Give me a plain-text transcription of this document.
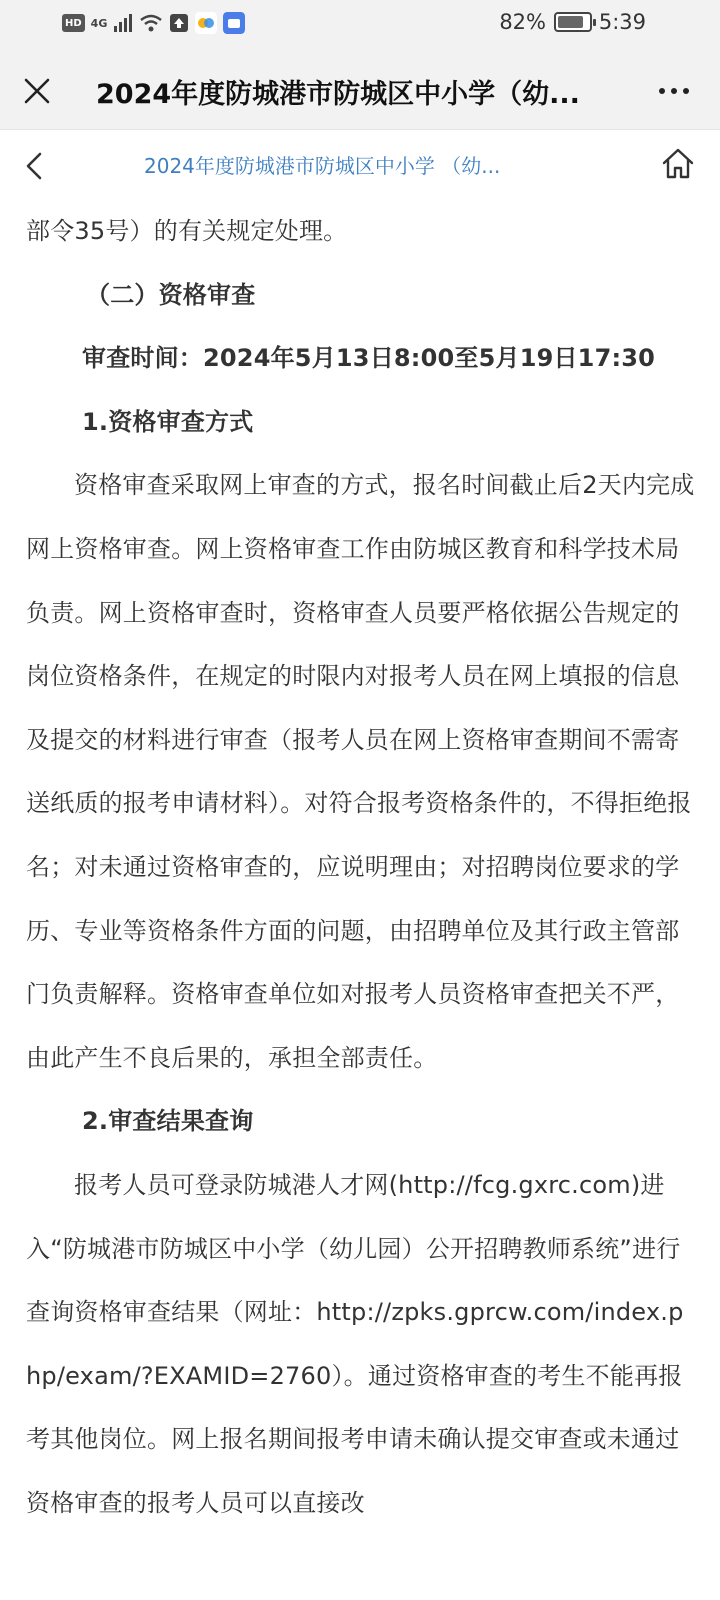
HD 4G	82%	5:39
2024年度防城港市防城区中小学（幼...
2024年度防城港市防城区中小学 （幼...

部令35号）的有关规定处理。

（二）资格审查

审查时间：2024年5月13日8:00至5月19日17:30

1.资格审查方式

资格审查采取网上审查的方式，报名时间截止后2天内完成网上资格审查。网上资格审查工作由防城区教育和科学技术局负责。网上资格审查时，资格审查人员要严格依据公告规定的岗位资格条件，在规定的时限内对报考人员在网上填报的信息及提交的材料进行审查（报考人员在网上资格审查期间不需寄送纸质的报考申请材料）。对符合报考资格条件的，不得拒绝报名；对未通过资格审查的，应说明理由；对招聘岗位要求的学历、专业等资格条件方面的问题，由招聘单位及其行政主管部门负责解释。资格审查单位如对报考人员资格审查把关不严，由此产生不良后果的，承担全部责任。

2.审查结果查询

报考人员可登录防城港人才网(http://fcg.gxrc.com)进入“防城港市防城区中小学（幼儿园）公开招聘教师系统”进行查询资格审查结果（网址：http://zpks.gprcw.com/index.php/exam/?EXAMID=2760）。通过资格审查的考生不能再报考其他岗位。网上报名期间报考申请未确认提交审查或未通过资格审查的报考人员可以直接改
